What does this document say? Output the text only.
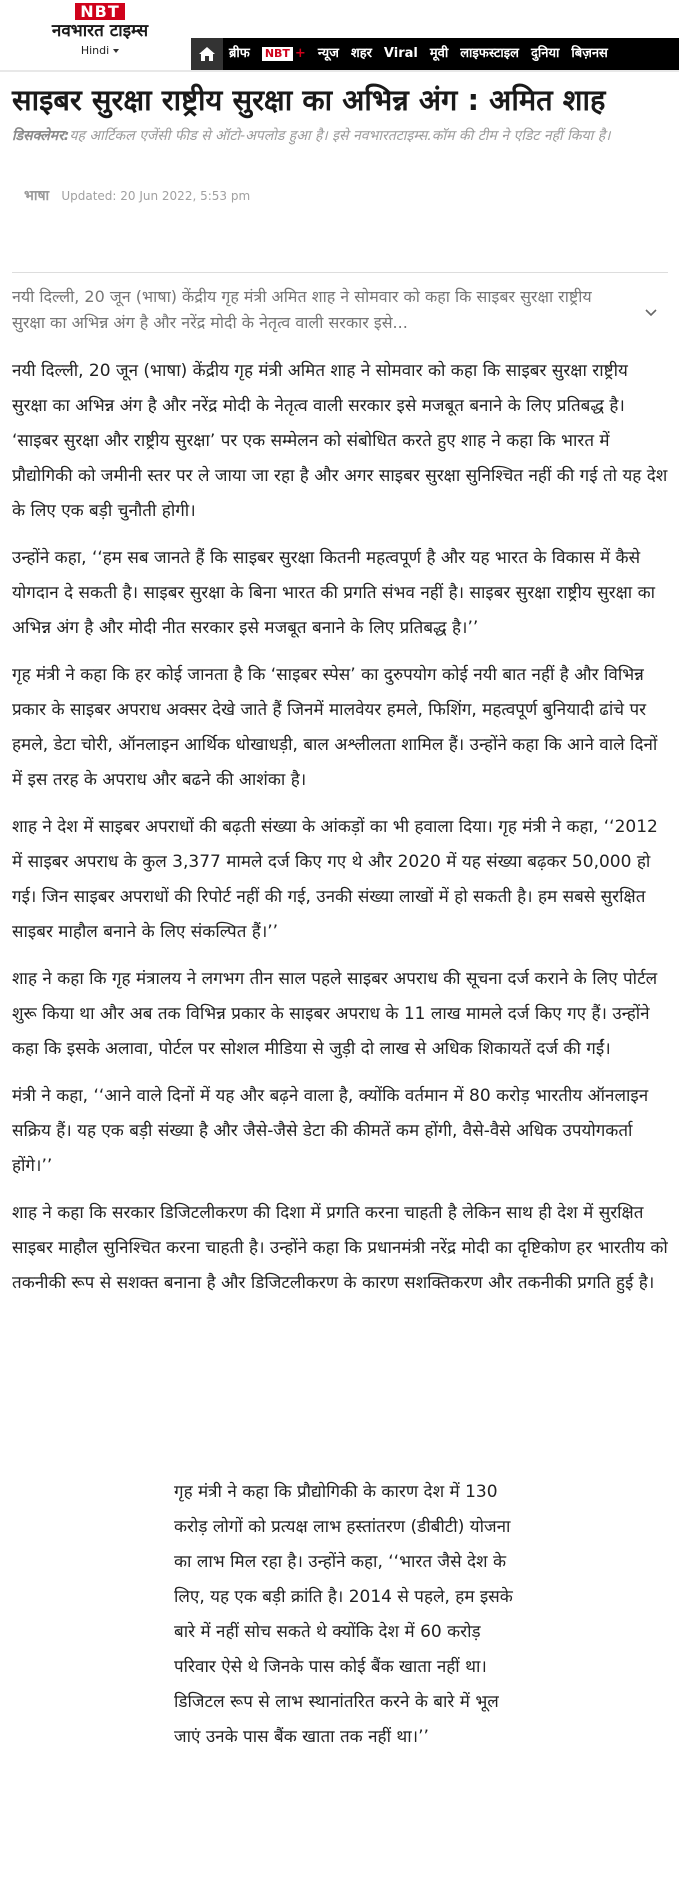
NBT
नवभारत टाइम्स
Hindi	ब्रीफ	NBT + न्यूज शहर Viral मूवी लाइफस्टाइल दुनिया बिज़नस
साइबर सुरक्षा राष्ट्रीय सुरक्षा का अभिन्न अंग : अमित शाह
डिसक्लेमर:यह आर्टिकल एजेंसी फीड से ऑटो-अपलोड हुआ है। इसे नवभारतटाइम्स.कॉम की टीम ने एडिट नहीं किया है।
भाषा Updated: 20 Jun 2022, 5:53 pm
नयी दिल्ली, 20 जून (भाषा) केंद्रीय गृह मंत्री अमित शाह ने सोमवार को कहा कि साइबर सुरक्षा राष्ट्रीय सुरक्षा का अभिन्न अंग है और नरेंद्र मोदी के नेतृत्व वाली सरकार इसे...

नयी दिल्ली, 20 जून (भाषा) केंद्रीय गृह मंत्री अमित शाह ने सोमवार को कहा कि साइबर सुरक्षा राष्ट्रीय सुरक्षा का अभिन्न अंग है और नरेंद्र मोदी के नेतृत्व वाली सरकार इसे मजबूत बनाने के लिए प्रतिबद्ध है।

‘साइबर सुरक्षा और राष्ट्रीय सुरक्षा’ पर एक सम्मेलन को संबोधित करते हुए शाह ने कहा कि भारत में प्रौद्योगिकी को जमीनी स्तर पर ले जाया जा रहा है और अगर साइबर सुरक्षा सुनिश्चित नहीं की गई तो यह देश के लिए एक बड़ी चुनौती होगी।

उन्होंने कहा, ‘‘हम सब जानते हैं कि साइबर सुरक्षा कितनी महत्वपूर्ण है और यह भारत के विकास में कैसे योगदान दे सकती है। साइबर सुरक्षा के बिना भारत की प्रगति संभव नहीं है। साइबर सुरक्षा राष्ट्रीय सुरक्षा का अभिन्न अंग है और मोदी नीत सरकार इसे मजबूत बनाने के लिए प्रतिबद्ध है।’’

गृह मंत्री ने कहा कि हर कोई जानता है कि ‘साइबर स्पेस’ का दुरुपयोग कोई नयी बात नहीं है और विभिन्न प्रकार के साइबर अपराध अक्सर देखे जाते हैं जिनमें मालवेयर हमले, फिशिंग, महत्वपूर्ण बुनियादी ढांचे पर हमले, डेटा चोरी, ऑनलाइन आर्थिक धोखाधड़ी, बाल अश्लीलता शामिल हैं। उन्होंने कहा कि आने वाले दिनों में इस तरह के अपराध और बढने की आशंका है।

शाह ने देश में साइबर अपराधों की बढ़ती संख्या के आंकड़ों का भी हवाला दिया। गृह मंत्री ने कहा, ‘‘2012 में साइबर अपराध के कुल 3,377 मामले दर्ज किए गए थे और 2020 में यह संख्या बढ़कर 50,000 हो गई। जिन साइबर अपराधों की रिपोर्ट नहीं की गई, उनकी संख्या लाखों में हो सकती है। हम सबसे सुरक्षित साइबर माहौल बनाने के लिए संकल्पित हैं।’’

शाह ने कहा कि गृह मंत्रालय ने लगभग तीन साल पहले साइबर अपराध की सूचना दर्ज कराने के लिए पोर्टल शुरू किया था और अब तक विभिन्न प्रकार के साइबर अपराध के 11 लाख मामले दर्ज किए गए हैं। उन्होंने कहा कि इसके अलावा, पोर्टल पर सोशल मीडिया से जुड़ी दो लाख से अधिक शिकायतें दर्ज की गईं।

मंत्री ने कहा, ‘‘आने वाले दिनों में यह और बढ़ने वाला है, क्योंकि वर्तमान में 80 करोड़ भारतीय ऑनलाइन सक्रिय हैं। यह एक बड़ी संख्या है और जैसे-जैसे डेटा की कीमतें कम होंगी, वैसे-वैसे अधिक उपयोगकर्ता होंगे।’’

शाह ने कहा कि सरकार डिजिटलीकरण की दिशा में प्रगति करना चाहती है लेकिन साथ ही देश में सुरक्षित साइबर माहौल सुनिश्चित करना चाहती है। उन्होंने कहा कि प्रधानमंत्री नरेंद्र मोदी का दृष्टिकोण हर भारतीय को तकनीकी रूप से सशक्त बनाना है और डिजिटलीकरण के कारण सशक्तिकरण और तकनीकी प्रगति हुई है।

गृह मंत्री ने कहा कि प्रौद्योगिकी के कारण देश में 130 करोड़ लोगों को प्रत्यक्ष लाभ हस्तांतरण (डीबीटी) योजना का लाभ मिल रहा है। उन्होंने कहा, ‘‘भारत जैसे देश के लिए, यह एक बड़ी क्रांति है। 2014 से पहले, हम इसके बारे में नहीं सोच सकते थे क्योंकि देश में 60 करोड़ परिवार ऐसे थे जिनके पास कोई बैंक खाता नहीं था। डिजिटल रूप से लाभ स्थानांतरित करने के बारे में भूल जाएं उनके पास बैंक खाता तक नहीं था।’’
